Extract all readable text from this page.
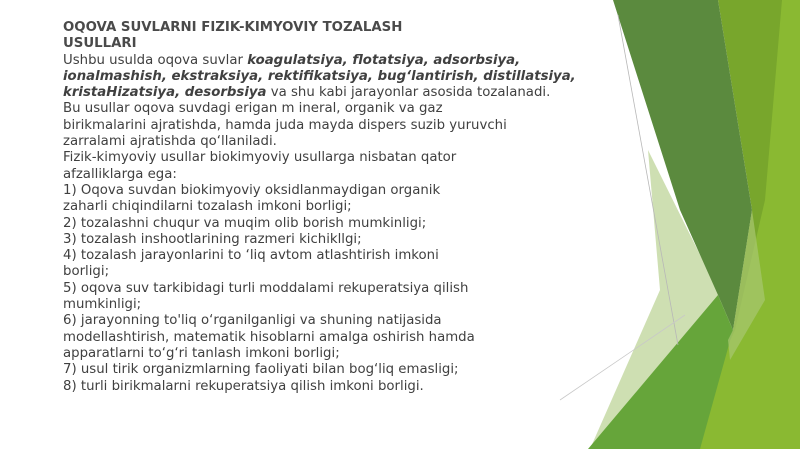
OQOVA SUVLARNI FIZIK-KIMYOVIY TOZALASH
USULLARI
Ushbu usulda oqova suvlar koagulatsiya, flotatsiya, adsorbsiya,
ionalmashish, ekstraksiya, rektifikatsiya, bug‘lantirish, distillatsiya,
kristaHizatsiya, desorbsiya va shu kabi jarayonlar asosida tozalanadi.
Bu usullar oqova suvdagi erigan m ineral, organik va gaz
birikmalarini ajratishda, hamda juda mayda dispers suzib yuruvchi
zarralami ajratishda qo‘llaniladi.
Fizik-kimyoviy usullar biokimyoviy usullarga nisbatan qator
afzalliklarga ega:
1) Oqova suvdan biokimyoviy oksidlanmaydigan organik
zaharli chiqindilarni tozalash imkoni borligi;
2) tozalashni chuqur va muqim olib borish mumkinligi;
3) tozalash inshootlarining razmeri kichikllgi;
4) tozalash jarayonlarini to ‘liq avtom atlashtirish imkoni
borligi;
5) oqova suv tarkibidagi turli moddalami rekuperatsiya qilish
mumkinligi;
6) jarayonning to'liq o‘rganilganligi va shuning natijasida
modellashtirish, matematik hisoblarni amalga oshirish hamda
apparatlarni to‘g‘ri tanlash imkoni borligi;
7) usul tirik organizmlarning faoliyati bilan bog‘liq emasligi;
8) turli birikmalarni rekuperatsiya qilish imkoni borligi.
